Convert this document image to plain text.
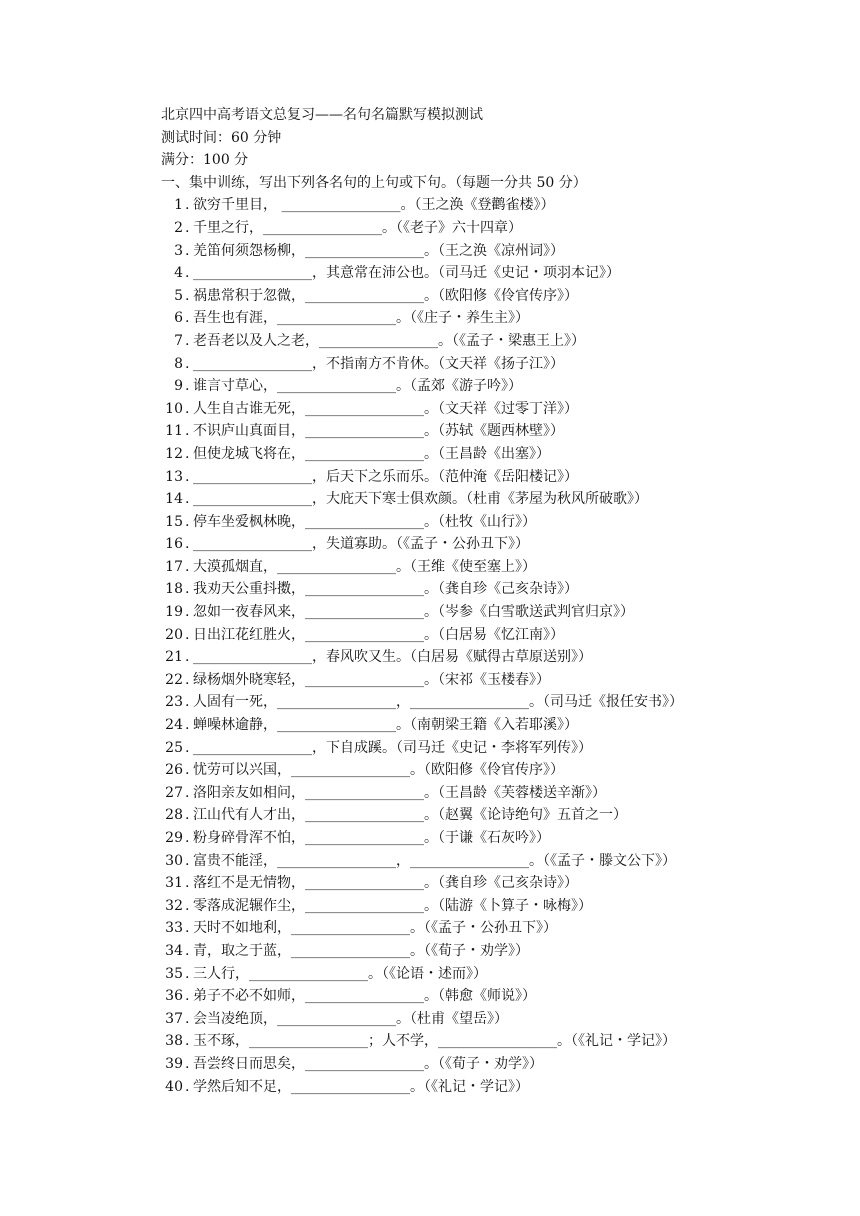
北京四中高考语文总复习——名句名篇默写模拟测试
测试时间：60 分钟
满分：100 分
一、集中训练，写出下列各名句的上句或下句。（每题一分共 50 分）
1 . 欲穷千里目， _________________。（王之涣《登鹳雀楼》）
2 . 千里之行，_________________。（《老子》六十四章）
3 . 羌笛何须怨杨柳，_________________。（王之涣《凉州词》）
4 . _________________，其意常在沛公也。（司马迁《史记・项羽本记》）
5 . 祸患常积于忽微，_________________。（欧阳修《伶官传序》）
6 . 吾生也有涯，_________________。（《庄子・养生主》）
7 . 老吾老以及人之老，_________________。（《孟子・梁惠王上》）
8 . _________________，不指南方不肯休。（文天祥《扬子江》）
9 . 谁言寸草心，_________________。（孟郊《游子吟》）
10 . 人生自古谁无死，_________________。（文天祥《过零丁洋》）
11 . 不识庐山真面目，_________________。（苏轼《题西林壁》）
12 . 但使龙城飞将在，_________________。（王昌龄《出塞》）
13 . _________________，后天下之乐而乐。（范仲淹《岳阳楼记》）
14 . _________________，大庇天下寒士俱欢颜。（杜甫《茅屋为秋风所破歌》）
15 . 停车坐爱枫林晚，_________________。（杜牧《山行》）
16 . _________________，失道寡助。（《孟子・公孙丑下》）
17 . 大漠孤烟直，_________________。（王维《使至塞上》）
18 . 我劝天公重抖擞，_________________。（龚自珍《己亥杂诗》）
19 . 忽如一夜春风来，_________________。（岑参《白雪歌送武判官归京》）
20 . 日出江花红胜火，_________________。（白居易《忆江南》）
21 . _________________，春风吹又生。（白居易《赋得古草原送别》）
22 . 绿杨烟外晓寒轻，_________________。（宋祁《玉楼春》）
23 . 人固有一死，_________________，_________________。（司马迁《报任安书》）
24 . 蝉噪林逾静，_________________。（南朝梁王籍《入若耶溪》）
25 . _________________，下自成蹊。（司马迁《史记・李将军列传》）
26 . 忧劳可以兴国，_________________。（欧阳修《伶官传序》）
27 . 洛阳亲友如相问，_________________。（王昌龄《芙蓉楼送辛渐》）
28 . 江山代有人才出，_________________。（赵翼《论诗绝句》五首之一）
29 . 粉身碎骨浑不怕，_________________。（于谦《石灰吟》）
30 . 富贵不能淫，_________________，_________________。（《孟子・滕文公下》）
31 . 落红不是无情物，_________________。（龚自珍《己亥杂诗》）
32 . 零落成泥辗作尘，_________________。（陆游《卜算子・咏梅》）
33 . 天时不如地利，_________________。（《孟子・公孙丑下》）
34 . 青，取之于蓝，_________________。（《荀子・劝学》）
35 . 三人行，_________________。（《论语・述而》）
36 . 弟子不必不如师，_________________。（韩愈《师说》）
37 . 会当凌绝顶，_________________。（杜甫《望岳》）
38 . 玉不琢，_________________；人不学，_________________。（《礼记・学记》）
39 . 吾尝终日而思矣，_________________。（《荀子・劝学》）
40 . 学然后知不足，_________________。（《礼记・学记》）
